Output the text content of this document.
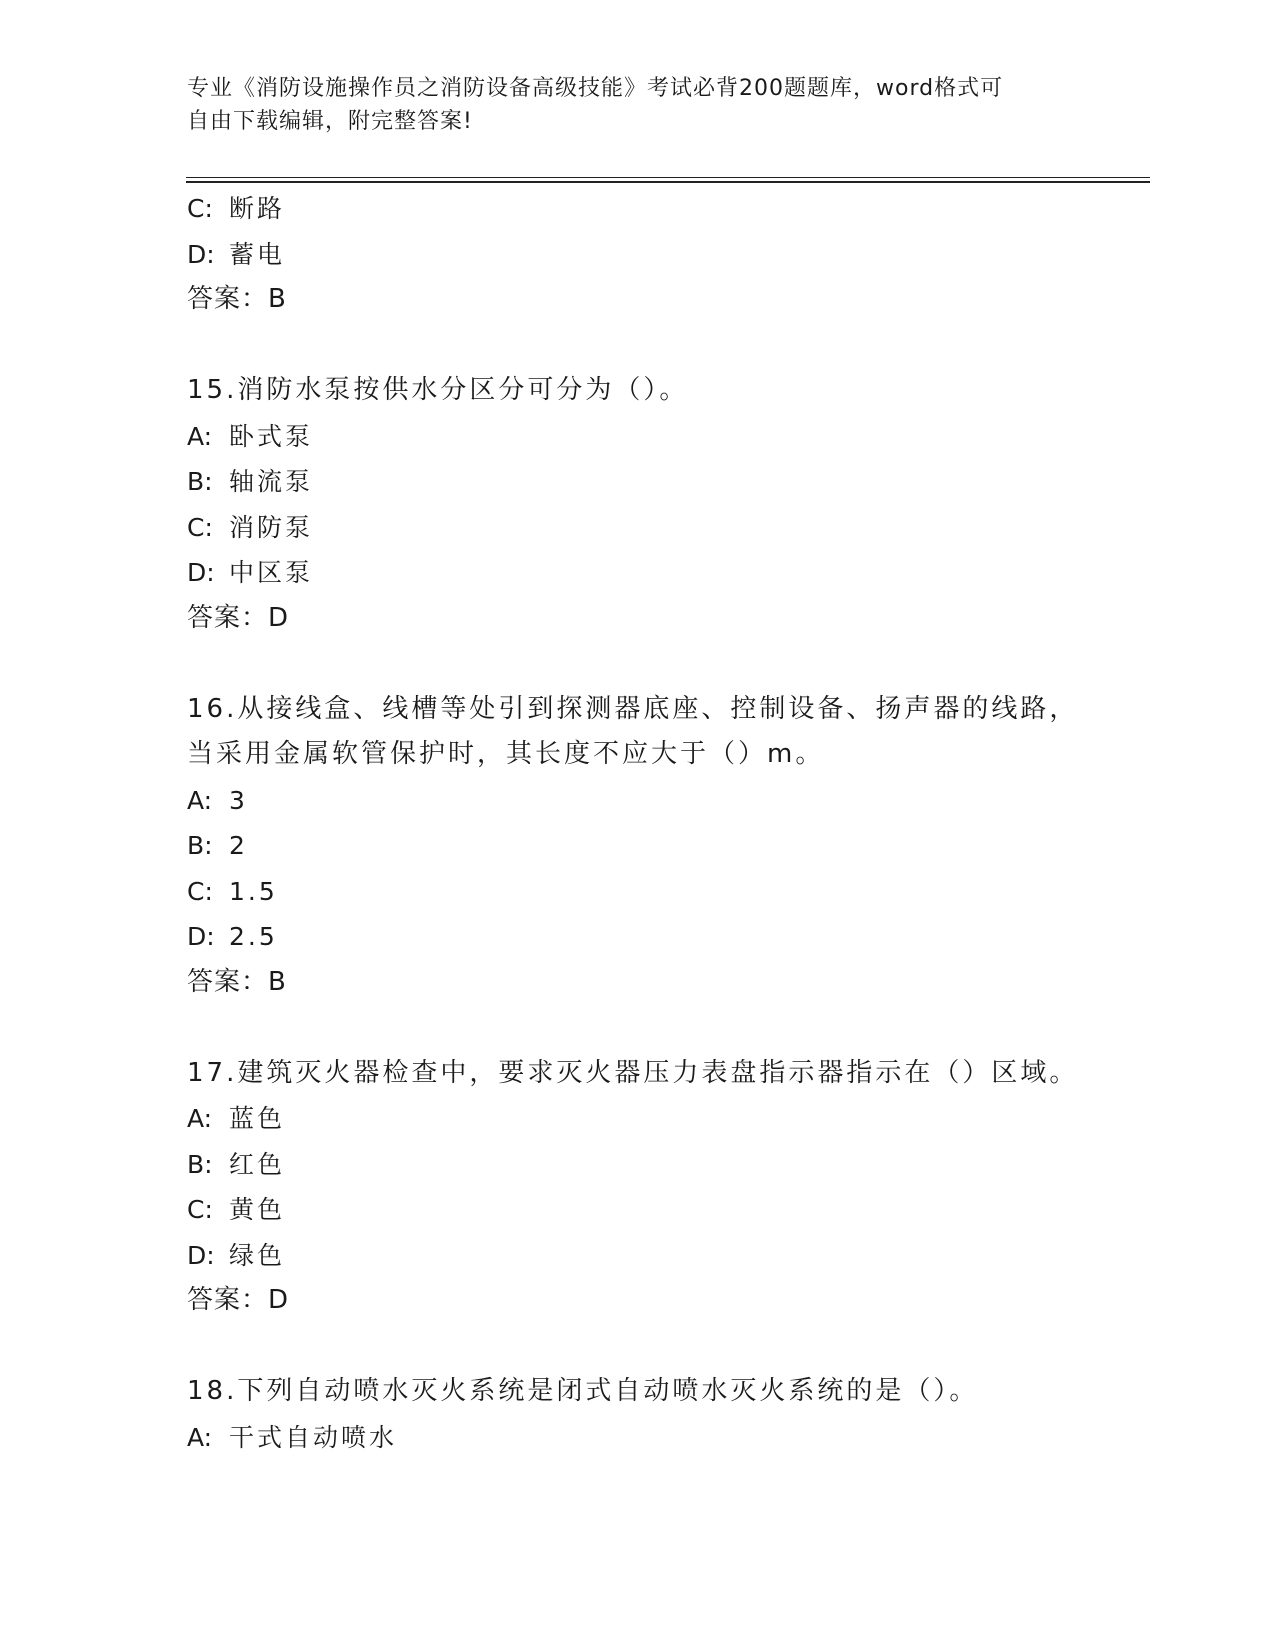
专业《消防设施操作员之消防设备高级技能》考试必背200题题库，word格式可
自由下载编辑，附完整答案!
C: 断路
D: 蓄电
答案：B
15.消防水泵按供水分区分可分为（）。
A: 卧式泵
B: 轴流泵
C: 消防泵
D: 中区泵
答案：D
16.从接线盒、线槽等处引到探测器底座、控制设备、扬声器的线路，
当采用金属软管保护时，其长度不应大于（）m。
A: 3
B: 2
C: 1.5
D: 2.5
答案：B
17.建筑灭火器检查中，要求灭火器压力表盘指示器指示在（）区域。
A: 蓝色
B: 红色
C: 黄色
D: 绿色
答案：D
18.下列自动喷水灭火系统是闭式自动喷水灭火系统的是（）。
A: 干式自动喷水
